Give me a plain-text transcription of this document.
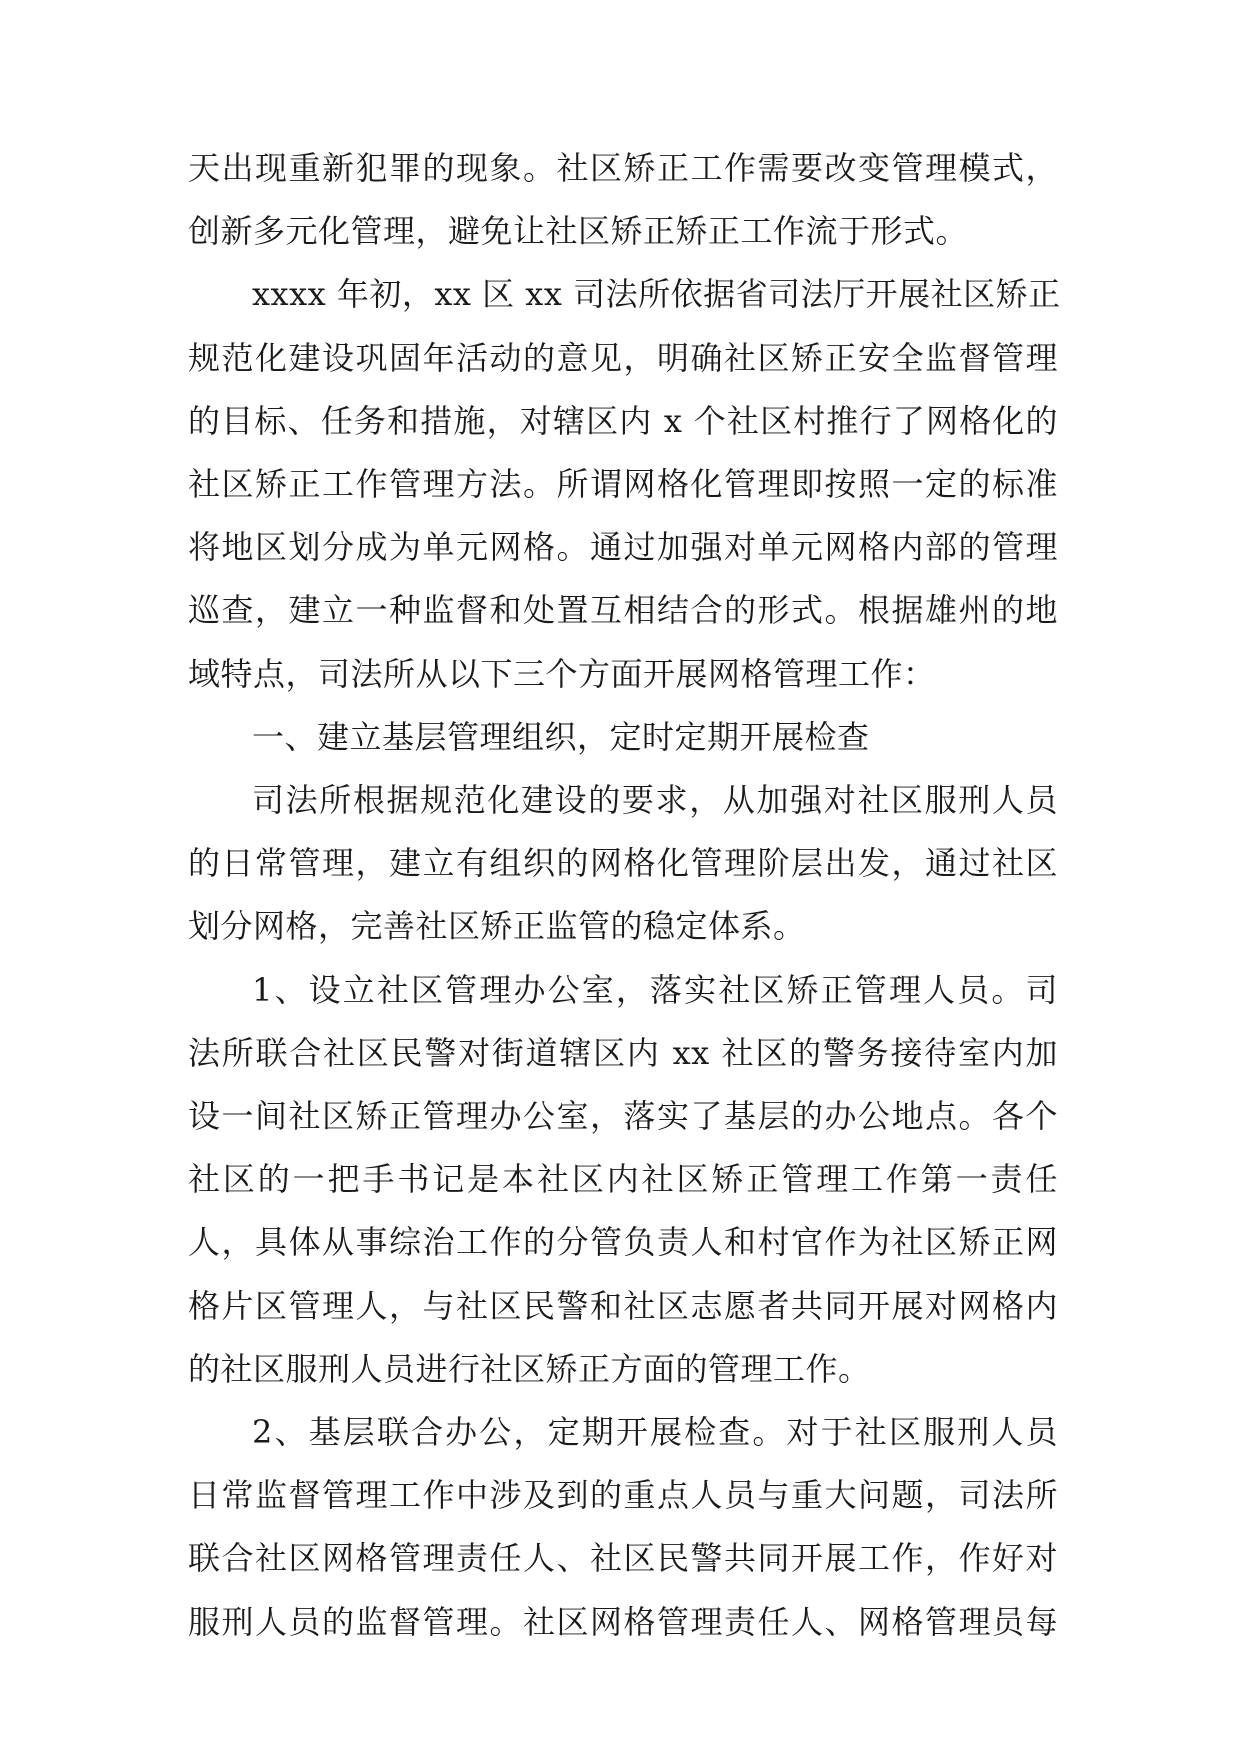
天出现重新犯罪的现象。社区矫正工作需要改变管理模式，
创新多元化管理，避免让社区矫正矫正工作流于形式。
xxxx 年初，xx 区 xx 司法所依据省司法厅开展社区矫正
规范化建设巩固年活动的意见，明确社区矫正安全监督管理
的目标、任务和措施，对辖区内 x 个社区村推行了网格化的
社区矫正工作管理方法。所谓网格化管理即按照一定的标准
将地区划分成为单元网格。通过加强对单元网格内部的管理
巡查，建立一种监督和处置互相结合的形式。根据雄州的地
域特点，司法所从以下三个方面开展网格管理工作：
一、建立基层管理组织，定时定期开展检查
司法所根据规范化建设的要求，从加强对社区服刑人员
的日常管理，建立有组织的网格化管理阶层出发，通过社区
划分网格，完善社区矫正监管的稳定体系。
1、设立社区管理办公室，落实社区矫正管理人员。司
法所联合社区民警对街道辖区内 xx 社区的警务接待室内加
设一间社区矫正管理办公室，落实了基层的办公地点。各个
社区的一把手书记是本社区内社区矫正管理工作第一责任
人，具体从事综治工作的分管负责人和村官作为社区矫正网
格片区管理人，与社区民警和社区志愿者共同开展对网格内
的社区服刑人员进行社区矫正方面的管理工作。
2、基层联合办公，定期开展检查。对于社区服刑人员
日常监督管理工作中涉及到的重点人员与重大问题，司法所
联合社区网格管理责任人、社区民警共同开展工作，作好对
服刑人员的监督管理。社区网格管理责任人、网格管理员每
